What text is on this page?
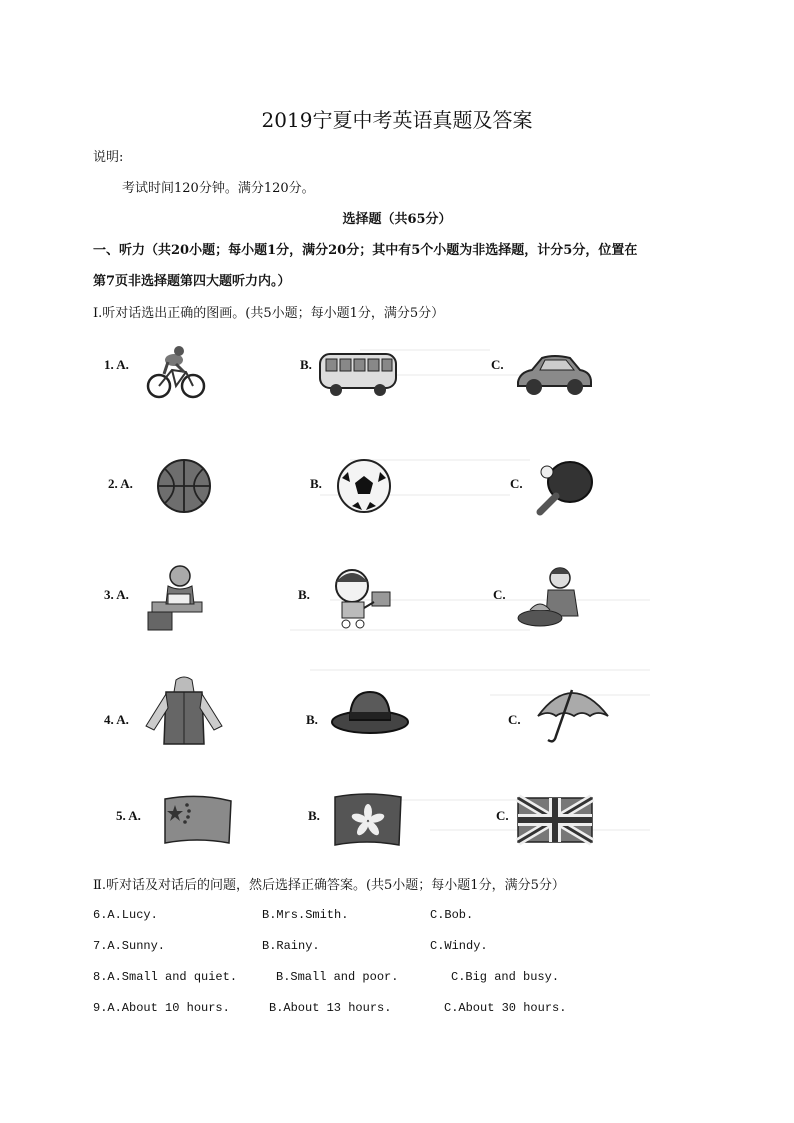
2019宁夏中考英语真题及答案
说明:
考试时间120分钟。满分120分。
选择题（共65分）
一、听力（共20小题；每小题1分，满分20分；其中有5个小题为非选择题，计分5分，位置在
第7页非选择题第四大题听力内。）
Ⅰ.听对话选出正确的图画。(共5小题；每小题1分，满分5分）
1. A.	B.	C.
2. A.	B.	C.
3. A.	B.	C.
4. A.	B.	C.
5. A.	B.	C.
Ⅱ.听对话及对话后的问题，然后选择正确答案。(共5小题；每小题1分，满分5分）
6.A.Lucy.	B.Mrs.Smith.	C.Bob.
7.A.Sunny.	B.Rainy.	C.Windy.
8.A.Small and quiet.	B.Small and poor.	C.Big and busy.
9.A.About 10 hours.	B.About 13 hours.	C.About 30 hours.
